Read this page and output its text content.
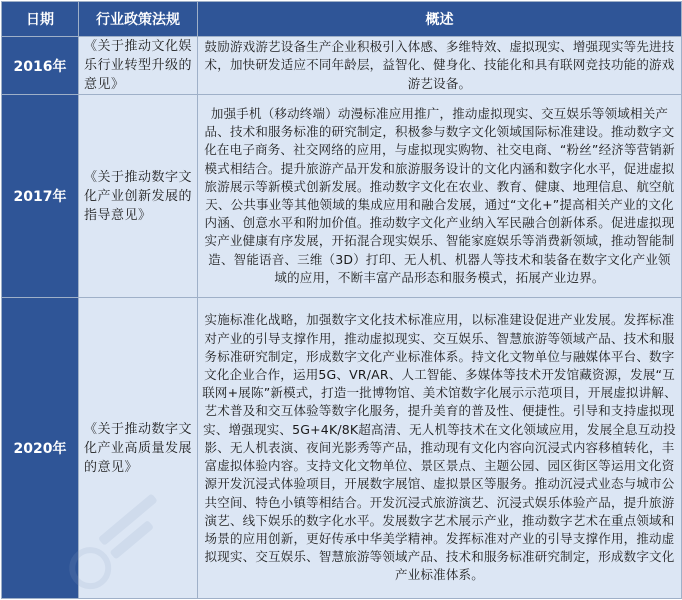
日期	行业政策法规	概述
2016年	《关于推动文化娱乐行业转型升级的意见》	鼓励游戏游艺设备生产企业积极引入体感、多维特效、虚拟现实、增强现实等先进技术，加快研发适应不同年龄层，益智化、健身化、技能化和具有联网竞技功能的游戏游艺设备。
2017年	《关于推动数字文化产业创新发展的指导意见》	加强手机（移动终端）动漫标准应用推广，推动虚拟现实、交互娱乐等领域相关产品、技术和服务标准的研究制定，积极参与数字文化领域国际标准建设。推动数字文化在电子商务、社交网络的应用，与虚拟现实购物、社交电商、“粉丝”经济等营销新模式相结合。提升旅游产品开发和旅游服务设计的文化内涵和数字化水平，促进虚拟旅游展示等新模式创新发展。推动数字文化在农业、教育、健康、地理信息、航空航天、公共事业等其他领域的集成应用和融合发展，通过“文化+”提高相关产业的文化内涵、创意水平和附加价值。推动数字文化产业纳入军民融合创新体系。促进虚拟现实产业健康有序发展，开拓混合现实娱乐、智能家庭娱乐等消费新领域，推动智能制造、智能语音、三维（3D）打印、无人机、机器人等技术和装备在数字文化产业领域的应用，不断丰富产品形态和服务模式，拓展产业边界。
2020年	《关于推动数字文化产业高质量发展的意见》	实施标准化战略，加强数字文化技术标准应用，以标准建设促进产业发展。发挥标准对产业的引导支撑作用，推动虚拟现实、交互娱乐、智慧旅游等领域产品、技术和服务标准研究制定，形成数字文化产业标准体系。持文化文物单位与融媒体平台、数字文化企业合作，运用5G、VR/AR、人工智能、多媒体等技术开发馆藏资源，发展“互联网+展陈”新模式，打造一批博物馆、美术馆数字化展示示范项目，开展虚拟讲解、艺术普及和交互体验等数字化服务，提升美育的普及性、便捷性。引导和支持虚拟现实、增强现实、5G+4K/8K超高清、无人机等技术在文化领域应用，发展全息互动投影、无人机表演、夜间光影秀等产品，推动现有文化内容向沉浸式内容移植转化，丰富虚拟体验内容。支持文化文物单位、景区景点、主题公园、园区街区等运用文化资源开发沉浸式体验项目，开展数字展馆、虚拟景区等服务。推动沉浸式业态与城市公共空间、特色小镇等相结合。开发沉浸式旅游演艺、沉浸式娱乐体验产品，提升旅游演艺、线下娱乐的数字化水平。发展数字艺术展示产业，推动数字艺术在重点领域和场景的应用创新，更好传承中华美学精神。发挥标准对产业的引导支撑作用，推动虚拟现实、交互娱乐、智慧旅游等领域产品、技术和服务标准研究制定，形成数字文化产业标准体系。
